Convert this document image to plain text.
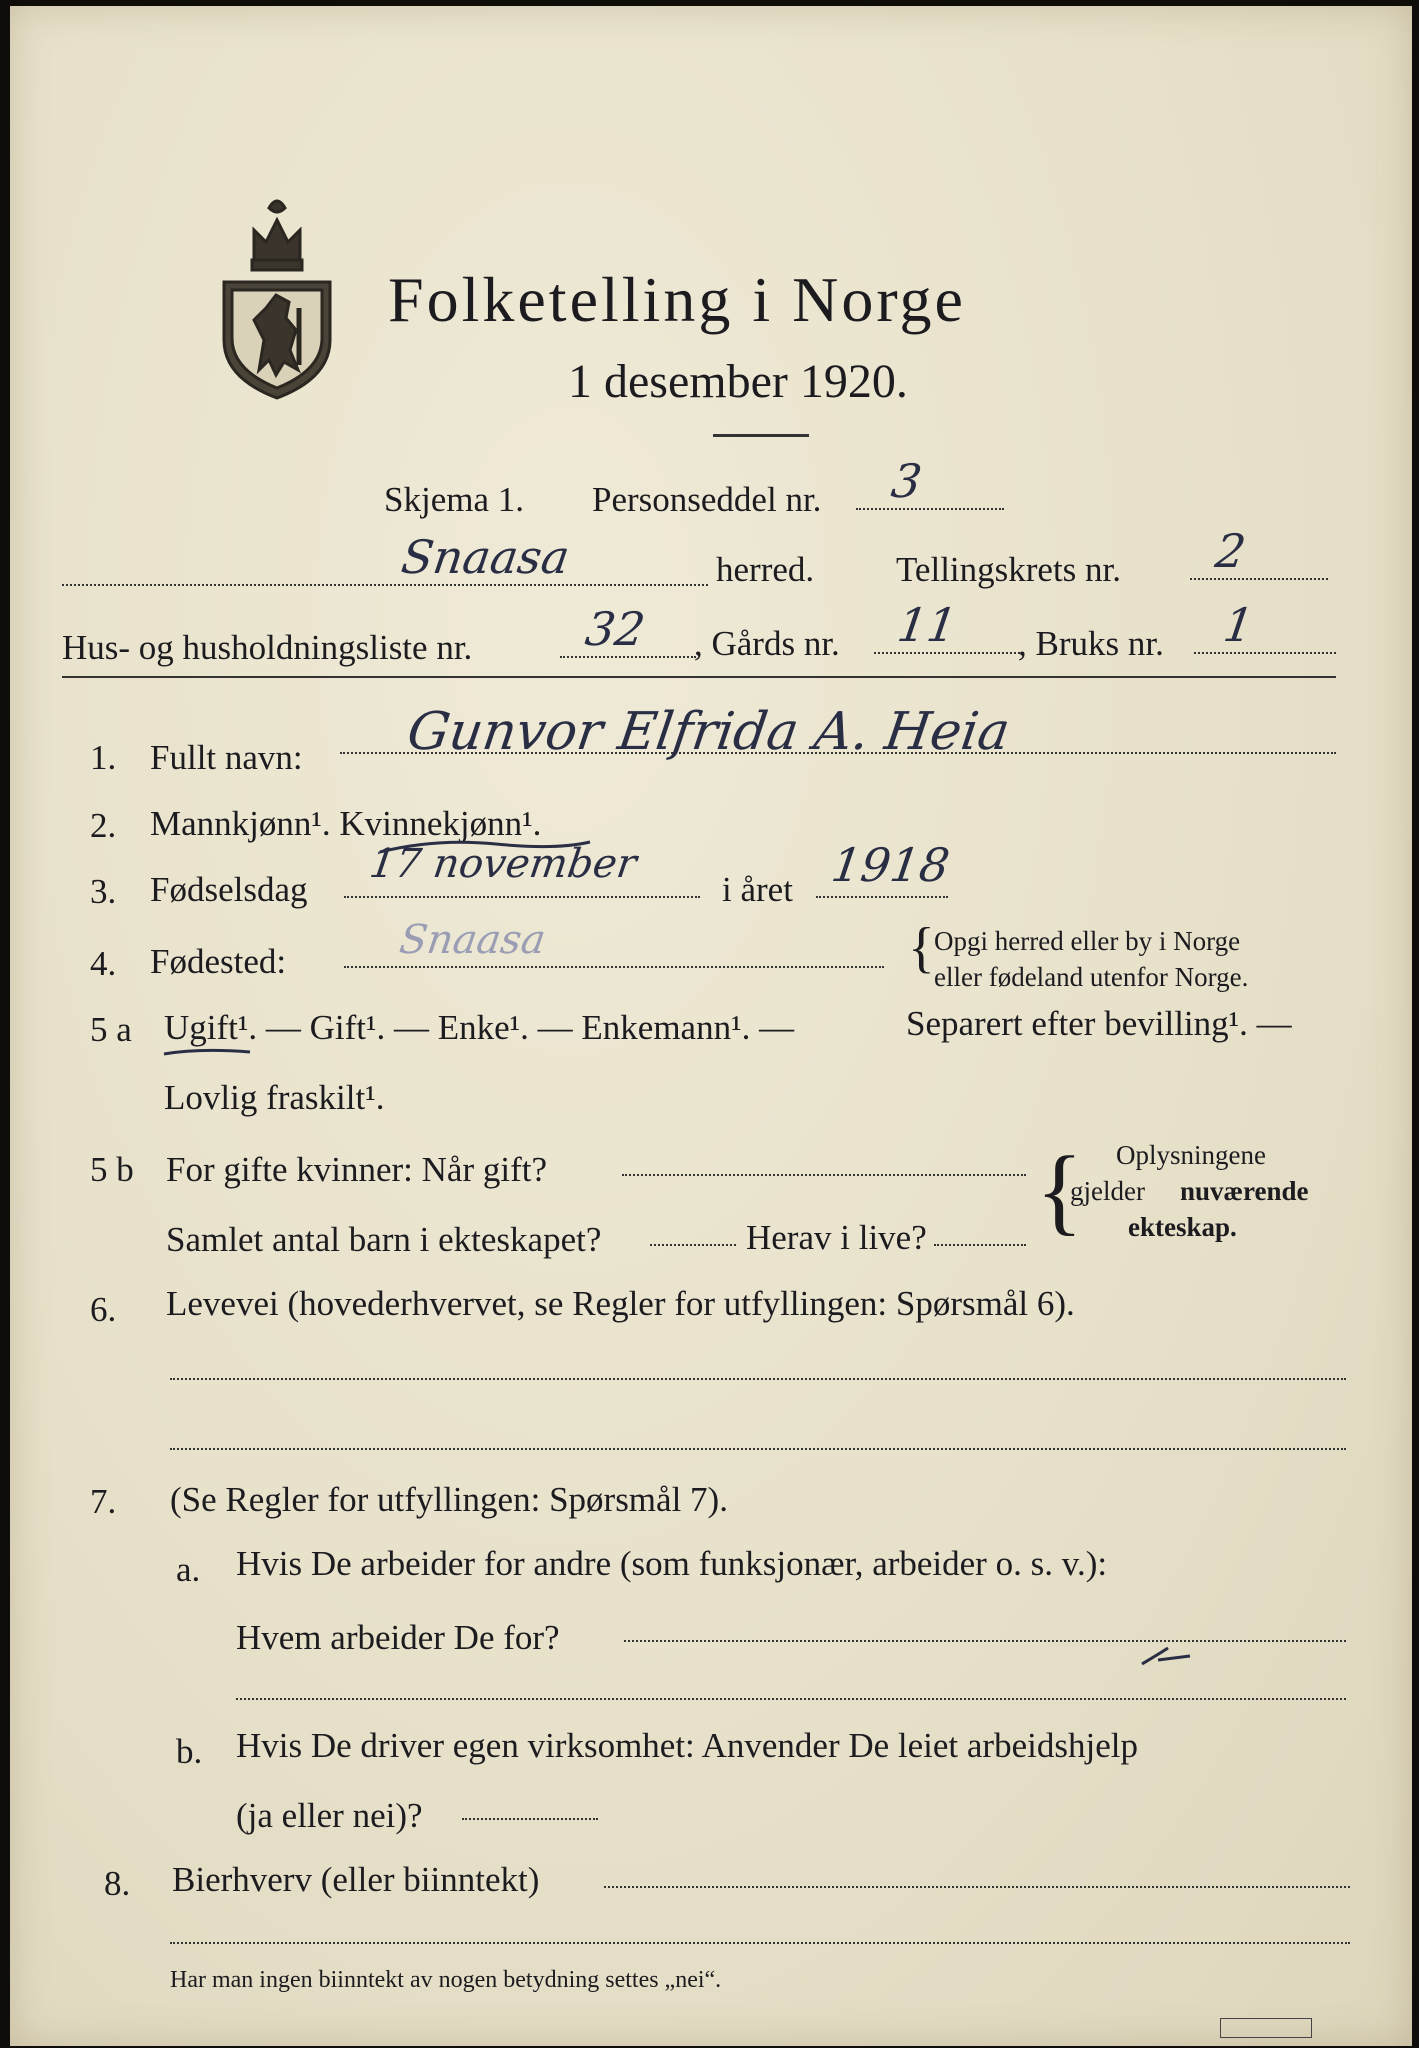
Folketelling i Norge
1 desember 1920.
Skjema 1. Personseddel nr. 3
Snaasa	herred. Tellingskrets nr. 2
Hus- og husholdningsliste nr. 32 , Gårds nr. 11 , Bruks nr. 1
1. Fullt navn: Gunvor Elfrida A. Heia
2. Mannkjønn¹. Kvinnekjønn¹.
3. Fødselsdag
17 november
i året 1918
4. Fødested:	Snaasa	{ Opgi herred eller by i Norge
eller fødeland utenfor Norge.
5 a Ugift¹. — Gift¹. — Enke¹. — Enkemann¹. —	Separert efter bevilling¹. —
Lovlig fraskilt¹.
5 b For gifte kvinner: Når gift?
Samlet antal barn i ekteskapet?	Herav i live? { Oplysningene
gjelder nuværende
ekteskap.
6. Levevei (hovederhvervet, se Regler for utfyllingen: Spørsmål 6).
7. (Se Regler for utfyllingen: Spørsmål 7).
a. Hvis De arbeider for andre (som funksjonær, arbeider o. s. v.):
Hvem arbeider De for?
b. Hvis De driver egen virksomhet: Anvender De leiet arbeidshjelp
(ja eller nei)?
8. Bierhverv (eller biinntekt)
Har man ingen biinntekt av nogen betydning settes „nei“.
